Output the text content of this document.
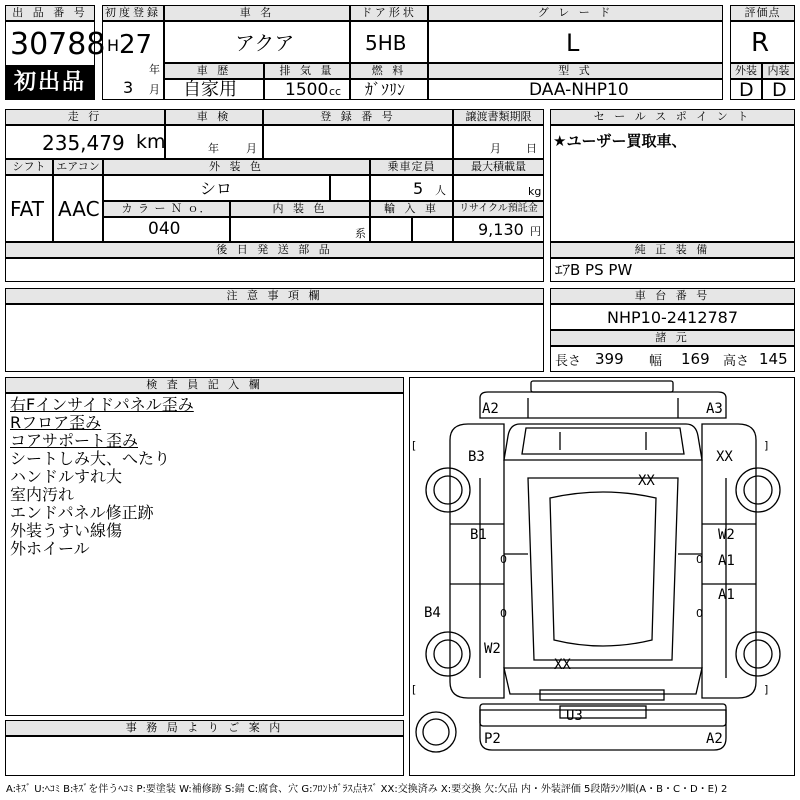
出 品 番 号
30788
初出品
初度登録
H 27
年
3 月
車 名
アクア
ドア形状
5HB
グ レ ー ド
L
評価点
R
車 歴
自家用
排 気 量
1500 cc
燃 料
ｶﾞｿﾘﾝ
型 式
DAA-NHP10
外装 内装
D D
走 行
235,479 km
車 検
年 月
登 録 番 号	譲渡書類期限
月 日
セ ー ル ス ポ イ ン ト
★ユーザー買取車、
シフト
FAT
エアコン
AAC
外 装 色
シロ
乗車定員
5 人
最大積載量
kg
カ ラ ー Ｎ ｏ．
040
内 装 色
系
輸 入 車	リサイクル預託金
9,130 円
後 日 発 送 部 品	純 正 装 備
ｴｱB PS PW
注 意 事 項 欄	車 台 番 号
NHP10-2412787
諸 元
長さ 399 幅 169 高さ 145
検 査 員 記 入 欄
右Fインサイドパネル歪み
Rフロア歪み
コアサポート歪み
シートしみ大、へたり
ハンドルすれ大
室内汚れ
エンドパネル修正跡
外装うすい線傷
外ホイール
事 務 局 よ り ご 案 内
A2	A3
B3	XX
XX
B1	W2
A1
A1
B4
W2
XX
U3
P2	A2
0	0
0	0
[	]
[	]
A:ｷｽﾞ U:ﾍｺﾐ B:ｷｽﾞを伴うﾍｺﾐ P:要塗装 W:補修跡 S:錆 C:腐食、穴 G:ﾌﾛﾝﾄｶﾞﾗｽ点ｷｽﾞ XX:交換済み X:要交換 欠:欠品 内・外装評価 5段階ﾗﾝｸ順(A・B・C・D・E) 2
